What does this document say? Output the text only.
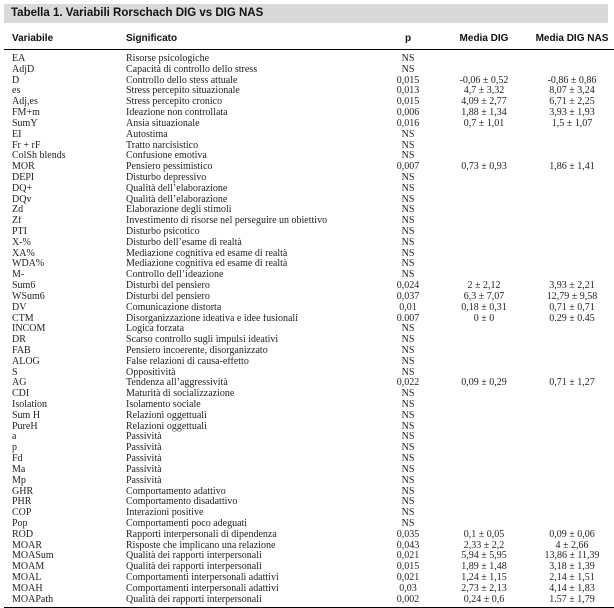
Tabella 1. Variabili Rorschach DIG vs DIG NAS
Variabile	Significato	p	Media DIG	Media DIG NAS
EA	Risorse psicologiche	NS		
AdjD	Capacità di controllo dello stress	NS		
D	Controllo dello stess attuale	0,015	-0,06 ± 0,52	-0,86 ± 0,86
es	Stress percepito situazionale	0,013	4,7 ± 3,32	8,07 ± 3,24
Adj,es	Stress percepito cronico	0,015	4,09 ± 2,77	6,71 ± 2,25
FM+m	Ideazione non controllata	0,006	1,88 ± 1,34	3,93 ± 1,93
SumY	Ansia situazionale	0,016	0,7 ± 1,01	1,5 ± 1,07
EI	Autostima	NS		
Fr + rF	Tratto narcisistico	NS		
ColSh blends	Confusione emotiva	NS		
MOR	Pensiero pessimistico	0,007	0,73 ± 0,93	1,86 ± 1,41
DEPI	Disturbo depressivo	NS		
DQ+	Qualità dell’elaborazione	NS		
DQv	Qualità dell’elaborazione	NS		
Zd	Elaborazione degli stimoli	NS		
Zf	Investimento di risorse nel perseguire un obiettivo	NS		
PTI	Disturbo psicotico	NS		
X-%	Disturbo dell’esame di realtà	NS		
XA%	Mediazione cognitiva ed esame di realtà	NS		
WDA%	Mediazione cognitiva ed esame di realtà	NS		
M-	Controllo dell’ideazione	NS		
Sum6	Disturbi del pensiero	0,024	2 ± 2,12	3,93 ± 2,21
WSum6	Disturbi del pensiero	0,037	6,3 ± 7,07	12,79 ± 9,58
DV	Comunicazione distorta	0,01	0,18 ± 0,31	0,71 ± 0,71
CTM	Disorganizzazione ideativa e idee fusionali	0.007	0 ± 0	0.29 ± 0.45
INCOM	Logica forzata	NS		
DR	Scarso controllo sugli impulsi ideativi	NS		
FAB	Pensiero incoerente, disorganizzato	NS		
ALOG	False relazioni di causa-effetto	NS		
S	Oppositività	NS		
AG	Tendenza all’aggressività	0,022	0,09 ± 0,29	0,71 ± 1,27
CDI	Maturità di socializzazione	NS		
Isolation	Isolamento sociale	NS		
Sum H	Relazioni oggettuali	NS		
PureH	Relazioni oggettuali	NS		
a	Passività	NS		
p	Passività	NS		
Fd	Passività	NS		
Ma	Passività	NS		
Mp	Passività	NS		
GHR	Comportamento adattivo	NS		
PHR	Comportamento disadattivo	NS		
COP	Interazioni positive	NS		
Pop	Comportamenti poco adeguati	NS		
ROD	Rapporti interpersonali di dipendenza	0,035	0,1 ± 0,05	0,09 ± 0,06
MOAR	Risposte che implicano una relazione	0,043	2,33 ± 2,2	4 ± 2,66
MOASum	Qualità dei rapporti interpersonali	0,021	5,94 ± 5,95	13,86 ± 11,39
MOAM	Qualità dei rapporti interpersonali	0,015	1,89 ± 1,48	3,18 ± 1,39
MOAL	Comportamenti interpersonali adattivi	0,021	1,24 ± 1,15	2,14 ± 1,51
MOAH	Comportamenti interpersonali adattivi	0,03	2,73 ± 2,13	4,14 ± 1,83
MOAPath	Qualità dei rapporti interpersonali	0,002	0,24 ± 0,6	1.57 ± 1,79
